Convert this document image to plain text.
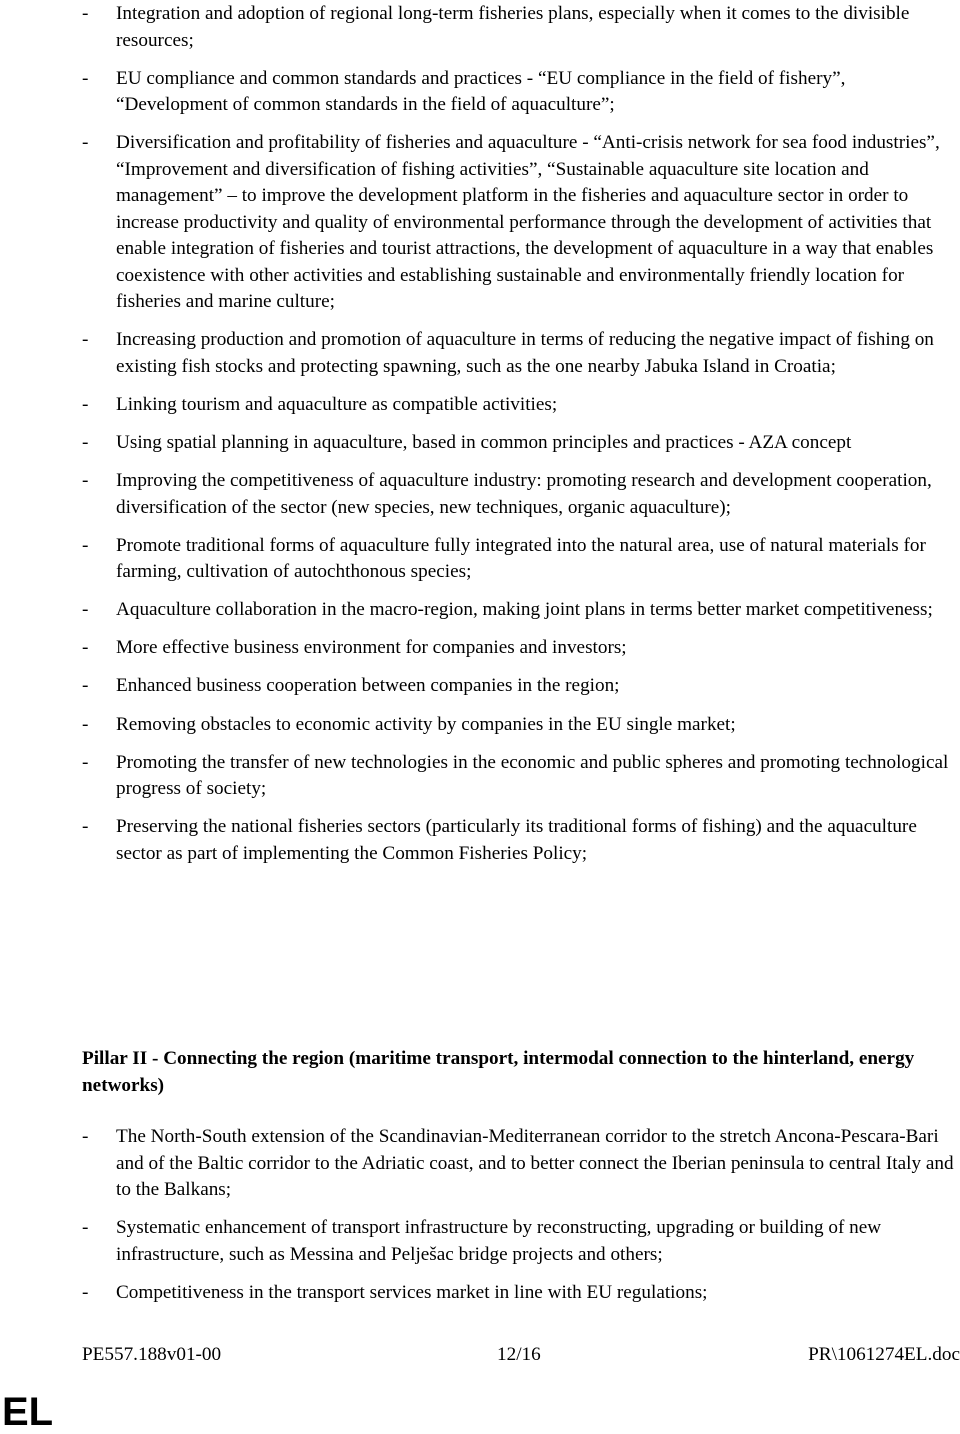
- Integration and adoption of regional long-term fisheries plans, especially when it comes to the divisible resources;
- EU compliance and common standards and practices - “EU compliance in the field of fishery”, “Development of common standards in the field of aquaculture”;
- Diversification and profitability of fisheries and aquaculture - “Anti-crisis network for sea food industries”, “Improvement and diversification of fishing activities”, “Sustainable aquaculture site location and management” – to improve the development platform in the fisheries and aquaculture sector in order to increase productivity and quality of environmental performance through the development of activities that enable integration of fisheries and tourist attractions, the development of aquaculture in a way that enables coexistence with other activities and establishing sustainable and environmentally friendly location for fisheries and marine culture;
- Increasing production and promotion of aquaculture in terms of reducing the negative impact of fishing on existing fish stocks and protecting spawning, such as the one nearby Jabuka Island in Croatia;
- Linking tourism and aquaculture as compatible activities;
- Using spatial planning in aquaculture, based in common principles and practices - AZA concept
- Improving the competitiveness of aquaculture industry: promoting research and development cooperation, diversification of the sector (new species, new techniques, organic aquaculture);
- Promote traditional forms of aquaculture fully integrated into the natural area, use of natural materials for farming, cultivation of autochthonous species;
- Aquaculture collaboration in the macro-region, making joint plans in terms better market competitiveness;
- More effective business environment for companies and investors;
- Enhanced business cooperation between companies in the region;
- Removing obstacles to economic activity by companies in the EU single market;
- Promoting the transfer of new technologies in the economic and public spheres and promoting technological progress of society;
- Preserving the national fisheries sectors (particularly its traditional forms of fishing) and the aquaculture sector as part of implementing the Common Fisheries Policy;
Pillar II - Connecting the region (maritime transport, intermodal connection to the hinterland, energy networks)
- The North-South extension of the Scandinavian-Mediterranean corridor to the stretch Ancona-Pescara-Bari and of the Baltic corridor to the Adriatic coast, and to better connect the Iberian peninsula to central Italy and to the Balkans;
- Systematic enhancement of transport infrastructure by reconstructing, upgrading or building of new infrastructure, such as Messina and Pelješac bridge projects and others;
- Competitiveness in the transport services market in line with EU regulations;
PE557.188v01-00	12/16	PR\1061274EL.doc
EL
